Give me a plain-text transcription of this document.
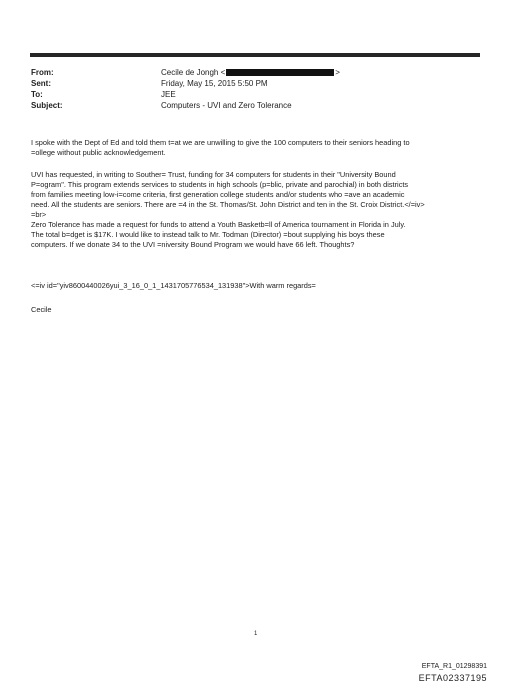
From:	Cecile de Jongh <	>
Sent:	Friday, May 15, 2015 5:50 PM
To:	JEE
Subject:	Computers - UVI and Zero Tolerance
I spoke with the Dept of Ed and told them t=at we are unwilling to give the 100 computers to their seniors heading to
=ollege without public acknowledgement.
UVI has requested, in writing to Souther= Trust, funding for 34 computers for students in their "University Bound
P=ogram". This program extends services to students in high schools (p=blic, private and parochial) in both districts
from families meeting low-i=come criteria, first generation college students and/or students who =ave an academic
need. All the students are seniors. There are =4 in the St. Thomas/St. John District and ten in the St. Croix District.</=iv>
=br>
Zero Tolerance has made a request for funds to attend a Youth Basketb=ll of America tournament in Florida in July.
The total b=dget is $17K. I would like to instead talk to Mr. Todman (Director) =bout supplying his boys these
computers. If we donate 34 to the UVI =niversity Bound Program we would have 66 left. Thoughts?
<=iv id="yiv8600440026yui_3_16_0_1_1431705776534_131938">With warm regards=
Cecile
1
EFTA_R1_01298391
EFTA02337195
